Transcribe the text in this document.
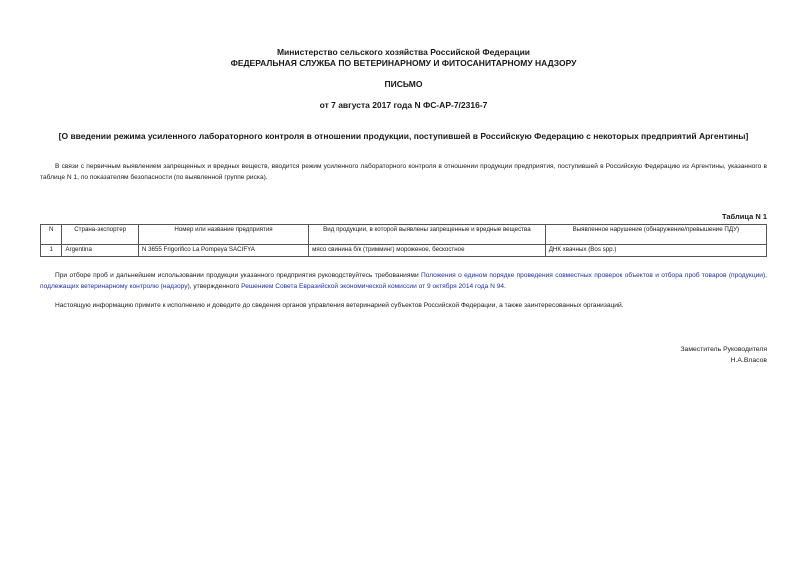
Министерство сельского хозяйства Российской Федерации
ФЕДЕРАЛЬНАЯ СЛУЖБА ПО ВЕТЕРИНАРНОМУ И ФИТОСАНИТАРНОМУ НАДЗОРУ
ПИСЬМО
от 7 августа 2017 года N ФС-АР-7/2316-7
[О введении режима усиленного лабораторного контроля в отношении продукции, поступившей в Российскую Федерацию с некоторых предприятий Аргентины]
В связи с первичным выявлением запрещенных и вредных веществ, вводится режим усиленного лабораторного контроля в отношении продукции предприятия, поступившей в Российскую Федерацию из Аргентины, указанного в таблице N 1, по показателям безопасности (по выявленной группе риска).
Таблица N 1
N	Страна-экспортер	Номер или название предприятия	Вид продукции, в которой выявлены запрещенные и вредные вещества	Выявленное нарушение (обнаружение/превышение ПДУ)
1	Argentina	N 3655 Frigorifico La Pompeya SACIFYA	мясо свинина б/к (тримминг) мороженое, бескостное	ДНК хвачных (Bos spp.)
При отборе проб и дальнейшем использовании продукции указанного предприятия руководствуйтесь требованиями Положения о едином порядке проведения совместных проверок объектов и отбора проб товаров (продукции), подлежащих ветеринарному контролю (надзору), утвержденного Решением Совета Евразийской экономической комиссии от 9 октября 2014 года N 94.
Настоящую информацию примите к исполнению и доведите до сведения органов управления ветеринарией субъектов Российской Федерации, а также заинтересованных организаций.
Заместитель Руководителя
Н.А.Власов
